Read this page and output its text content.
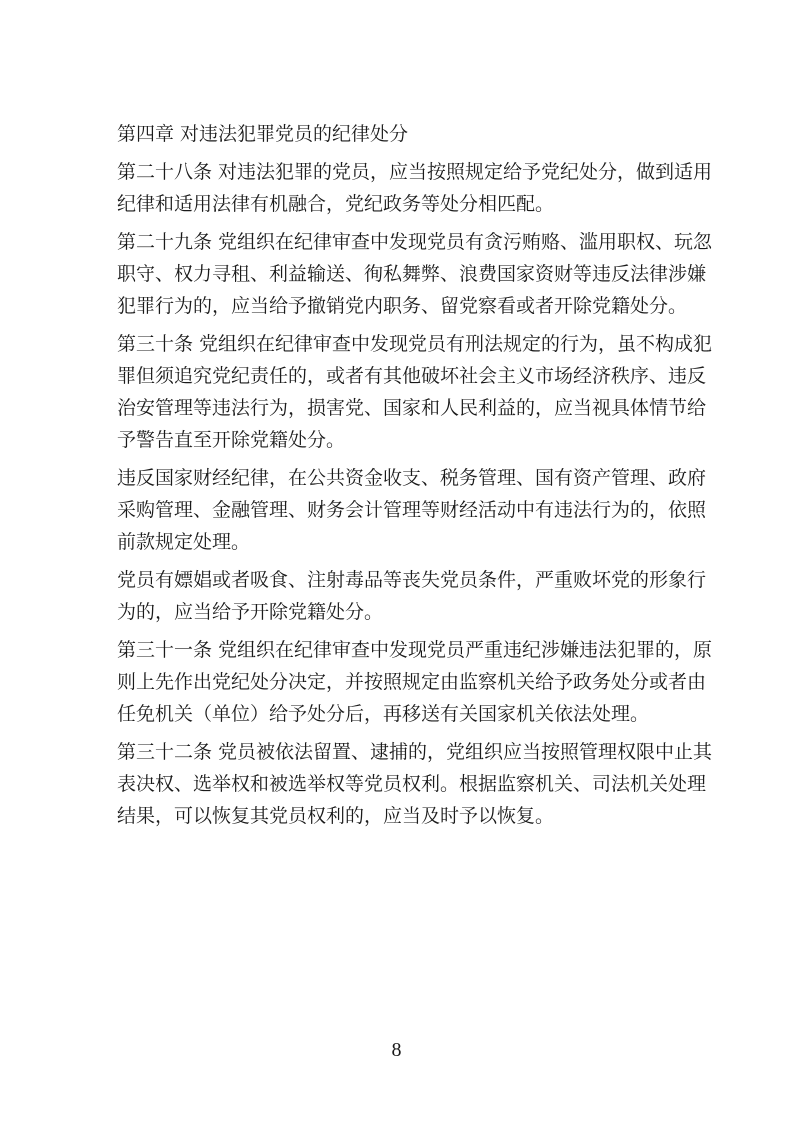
第四章 对违法犯罪党员的纪律处分

第二十八条 对违法犯罪的党员，应当按照规定给予党纪处分，做到适用纪律和适用法律有机融合，党纪政务等处分相匹配。

第二十九条 党组织在纪律审查中发现党员有贪污贿赂、滥用职权、玩忽职守、权力寻租、利益输送、徇私舞弊、浪费国家资财等违反法律涉嫌犯罪行为的，应当给予撤销党内职务、留党察看或者开除党籍处分。

第三十条 党组织在纪律审查中发现党员有刑法规定的行为，虽不构成犯罪但须追究党纪责任的，或者有其他破坏社会主义市场经济秩序、违反治安管理等违法行为，损害党、国家和人民利益的，应当视具体情节给予警告直至开除党籍处分。

违反国家财经纪律，在公共资金收支、税务管理、国有资产管理、政府采购管理、金融管理、财务会计管理等财经活动中有违法行为的，依照前款规定处理。

党员有嫖娼或者吸食、注射毒品等丧失党员条件，严重败坏党的形象行为的，应当给予开除党籍处分。

第三十一条 党组织在纪律审查中发现党员严重违纪涉嫌违法犯罪的，原则上先作出党纪处分决定，并按照规定由监察机关给予政务处分或者由任免机关（单位）给予处分后，再移送有关国家机关依法处理。

第三十二条 党员被依法留置、逮捕的，党组织应当按照管理权限中止其表决权、选举权和被选举权等党员权利。根据监察机关、司法机关处理结果，可以恢复其党员权利的，应当及时予以恢复。

8
